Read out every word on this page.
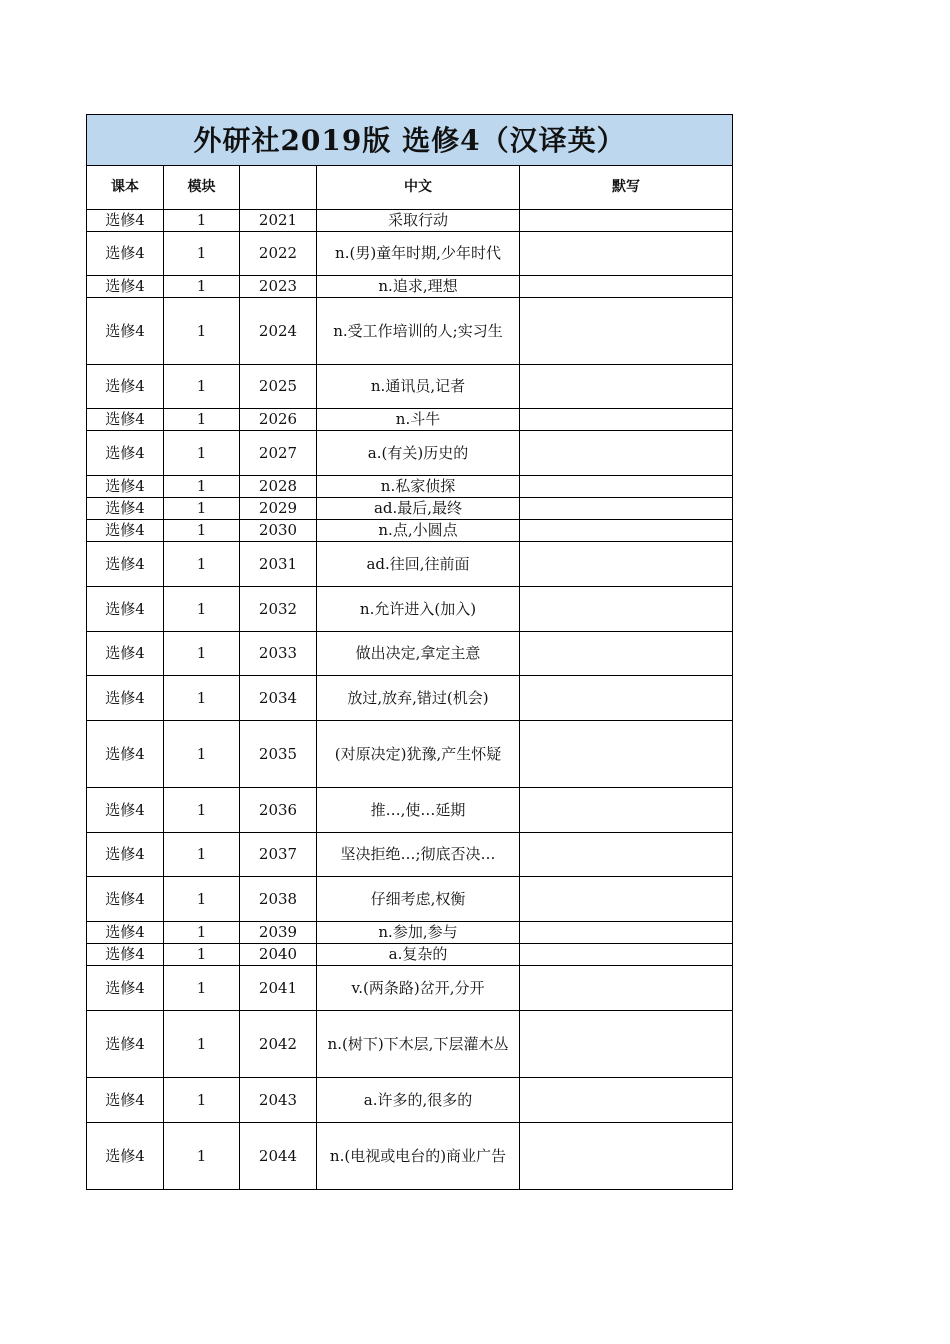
外研社2019版 选修4（汉译英）				
课本	模块		中文	默写
选修4	1	2021	采取行动	
选修4	1	2022	n.(男)童年时期,少年时代	
选修4	1	2023	n.追求,理想	
选修4	1	2024	n.受工作培训的人;实习生	
选修4	1	2025	n.通讯员,记者	
选修4	1	2026	n.斗牛	
选修4	1	2027	a.(有关)历史的	
选修4	1	2028	n.私家侦探	
选修4	1	2029	ad.最后,最终	
选修4	1	2030	n.点,小圆点	
选修4	1	2031	ad.往回,往前面	
选修4	1	2032	n.允许进入(加入)	
选修4	1	2033	做出决定,拿定主意	
选修4	1	2034	放过,放弃,错过(机会)	
选修4	1	2035	(对原决定)犹豫,产生怀疑	
选修4	1	2036	推…,使…延期	
选修4	1	2037	坚决拒绝…;彻底否决…	
选修4	1	2038	仔细考虑,权衡	
选修4	1	2039	n.参加,参与	
选修4	1	2040	a.复杂的	
选修4	1	2041	v.(两条路)岔开,分开	
选修4	1	2042	n.(树下)下木层,下层灌木丛	
选修4	1	2043	a.许多的,很多的	
选修4	1	2044	n.(电视或电台的)商业广告	
